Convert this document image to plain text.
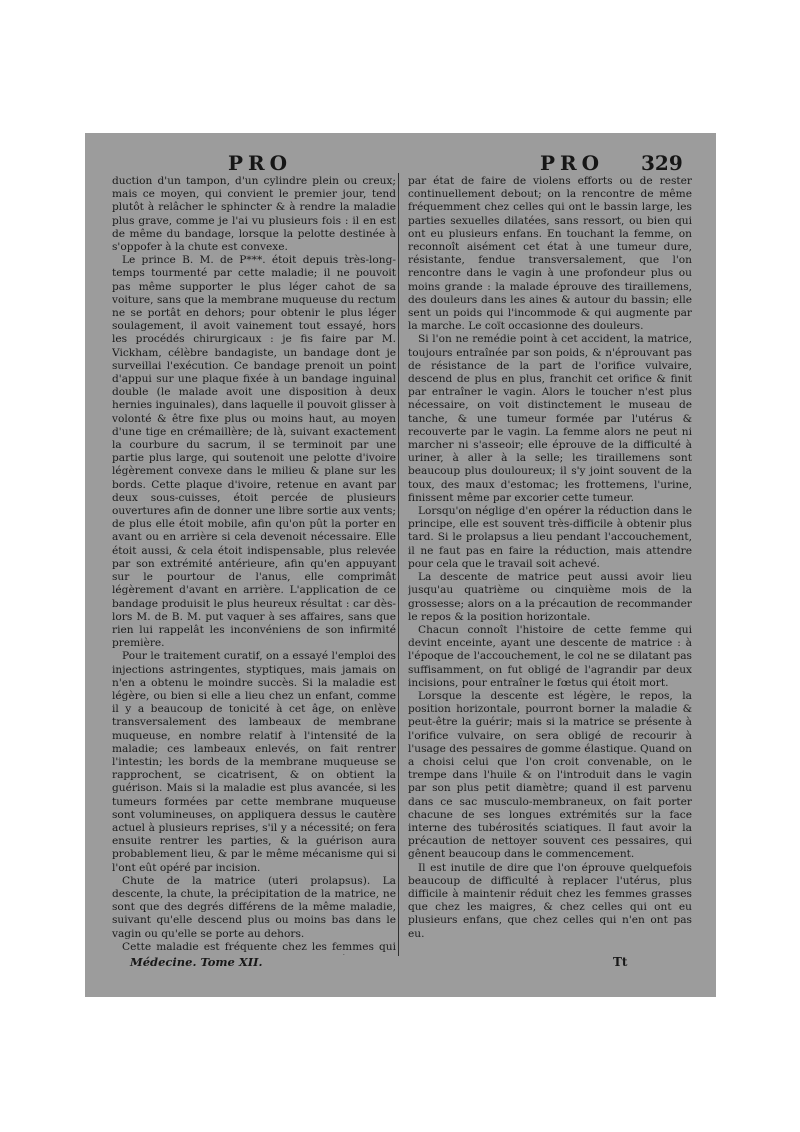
PRO	PRO 329

duction d'un tampon, d'un cylindre plein ou creux; mais ce moyen, qui convient le premier jour, tend plutôt à relâcher le sphincter & à rendre la maladie plus grave, comme je l'ai vu plusieurs fois : il en est de même du bandage, lorsque la pelotte destinée à s'oppofer à la chute est convexe.

Le prince B. M. de P***. étoit depuis très-long-temps tourmenté par cette maladie; il ne pouvoit pas même supporter le plus léger cahot de sa voiture, sans que la membrane muqueuse du rectum ne se portât en dehors; pour obtenir le plus léger soulagement, il avoit vainement tout essayé, hors les procédés chirurgicaux : je fis faire par M. Vickham, célèbre bandagiste, un bandage dont je surveillai l'exécution. Ce bandage prenoit un point d'appui sur une plaque fixée à un bandage inguinal double (le malade avoit une disposition à deux hernies inguinales), dans laquelle il pouvoit glisser à volonté & être fixe plus ou moins haut, au moyen d'une tige en crémaillère; de là, suivant exactement la courbure du sacrum, il se terminoit par une partie plus large, qui soutenoit une pelotte d'ivoire légèrement convexe dans le milieu & plane sur les bords. Cette plaque d'ivoire, retenue en avant par deux sous-cuisses, étoit percée de plusieurs ouvertures afin de donner une libre sortie aux vents; de plus elle étoit mobile, afin qu'on pût la porter en avant ou en arrière si cela devenoit nécessaire. Elle étoit aussi, & cela étoit indispensable, plus relevée par son extrémité antérieure, afin qu'en appuyant sur le pourtour de l'anus, elle comprimât légèrement d'avant en arrière. L'application de ce bandage produisit le plus heureux résultat : car dès-lors M. de B. M. put vaquer à ses affaires, sans que rien lui rappelât les inconvéniens de son infirmité première.

Pour le traitement curatif, on a essayé l'emploi des injections astringentes, styptiques, mais jamais on n'en a obtenu le moindre succès. Si la maladie est légère, ou bien si elle a lieu chez un enfant, comme il y a beaucoup de tonicité à cet âge, on enlève transversalement des lambeaux de membrane muqueuse, en nombre relatif à l'intensité de la maladie; ces lambeaux enlevés, on fait rentrer l'intestin; les bords de la membrane muqueuse se rapprochent, se cicatrisent, & on obtient la guérison. Mais si la maladie est plus avancée, si les tumeurs formées par cette membrane muqueuse sont volumineuses, on appliquera dessus le cautère actuel à plusieurs reprises, s'il y a nécessité; on fera ensuite rentrer les parties, & la guérison aura probablement lieu, & par le même mécanisme qui si l'ont eût opéré par incision.

Chute de la matrice (uteri prolapsus). La descente, la chute, la précipitation de la matrice, ne sont que des degrés différens de la même maladie, suivant qu'elle descend plus ou moins bas dans le vagin ou qu'elle se porte au dehors.

Cette maladie est fréquente chez les femmes qui

par état de faire de violens efforts ou de rester continuellement debout; on la rencontre de même fréquemment chez celles qui ont le bassin large, les parties sexuelles dilatées, sans ressort, ou bien qui ont eu plusieurs enfans. En touchant la femme, on reconnoît aisément cet état à une tumeur dure, résistante, fendue transversalement, que l'on rencontre dans le vagin à une profondeur plus ou moins grande : la malade éprouve des tiraillemens, des douleurs dans les aines & autour du bassin; elle sent un poids qui l'incommode & qui augmente par la marche. Le coït occasionne des douleurs.

Si l'on ne remédie point à cet accident, la matrice, toujours entraînée par son poids, & n'éprouvant pas de résistance de la part de l'orifice vulvaire, descend de plus en plus, franchit cet orifice & finit par entraîner le vagin. Alors le toucher n'est plus nécessaire, on voit distinctement le museau de tanche, & une tumeur formée par l'utérus & recouverte par le vagin. La femme alors ne peut ni marcher ni s'asseoir; elle éprouve de la difficulté à uriner, à aller à la selle; les tiraillemens sont beaucoup plus douloureux; il s'y joint souvent de la toux, des maux d'estomac; les frottemens, l'urine, finissent même par excorier cette tumeur.

Lorsqu'on néglige d'en opérer la réduction dans le principe, elle est souvent très-difficile à obtenir plus tard. Si le prolapsus a lieu pendant l'accouchement, il ne faut pas en faire la réduction, mais attendre pour cela que le travail soit achevé.

La descente de matrice peut aussi avoir lieu jusqu'au quatrième ou cinquième mois de la grossesse; alors on a la précaution de recommander le repos & la position horizontale.

Chacun connoît l'histoire de cette femme qui devint enceinte, ayant une descente de matrice : à l'époque de l'accouchement, le col ne se dilatant pas suffisamment, on fut obligé de l'agrandir par deux incisions, pour entraîner le fœtus qui étoit mort.

Lorsque la descente est légère, le repos, la position horizontale, pourront borner la maladie & peut-être la guérir; mais si la matrice se présente à l'orifice vulvaire, on sera obligé de recourir à l'usage des pessaires de gomme élastique. Quand on a choisi celui que l'on croit convenable, on le trempe dans l'huile & on l'introduit dans le vagin par son plus petit diamètre; quand il est parvenu dans ce sac musculo-membraneux, on fait porter chacune de ses longues extrémités sur la face interne des tubérosités sciatiques. Il faut avoir la précaution de nettoyer souvent ces pessaires, qui gênent beaucoup dans le commencement.

Il est inutile de dire que l'on éprouve quelquefois beaucoup de difficulté à replacer l'utérus, plus difficile à maintenir réduit chez les femmes grasses que chez les maigres, & chez celles qui ont eu plusieurs enfans, que chez celles qui n'en ont pas eu.

Médecine. Tome XII.	Tt
